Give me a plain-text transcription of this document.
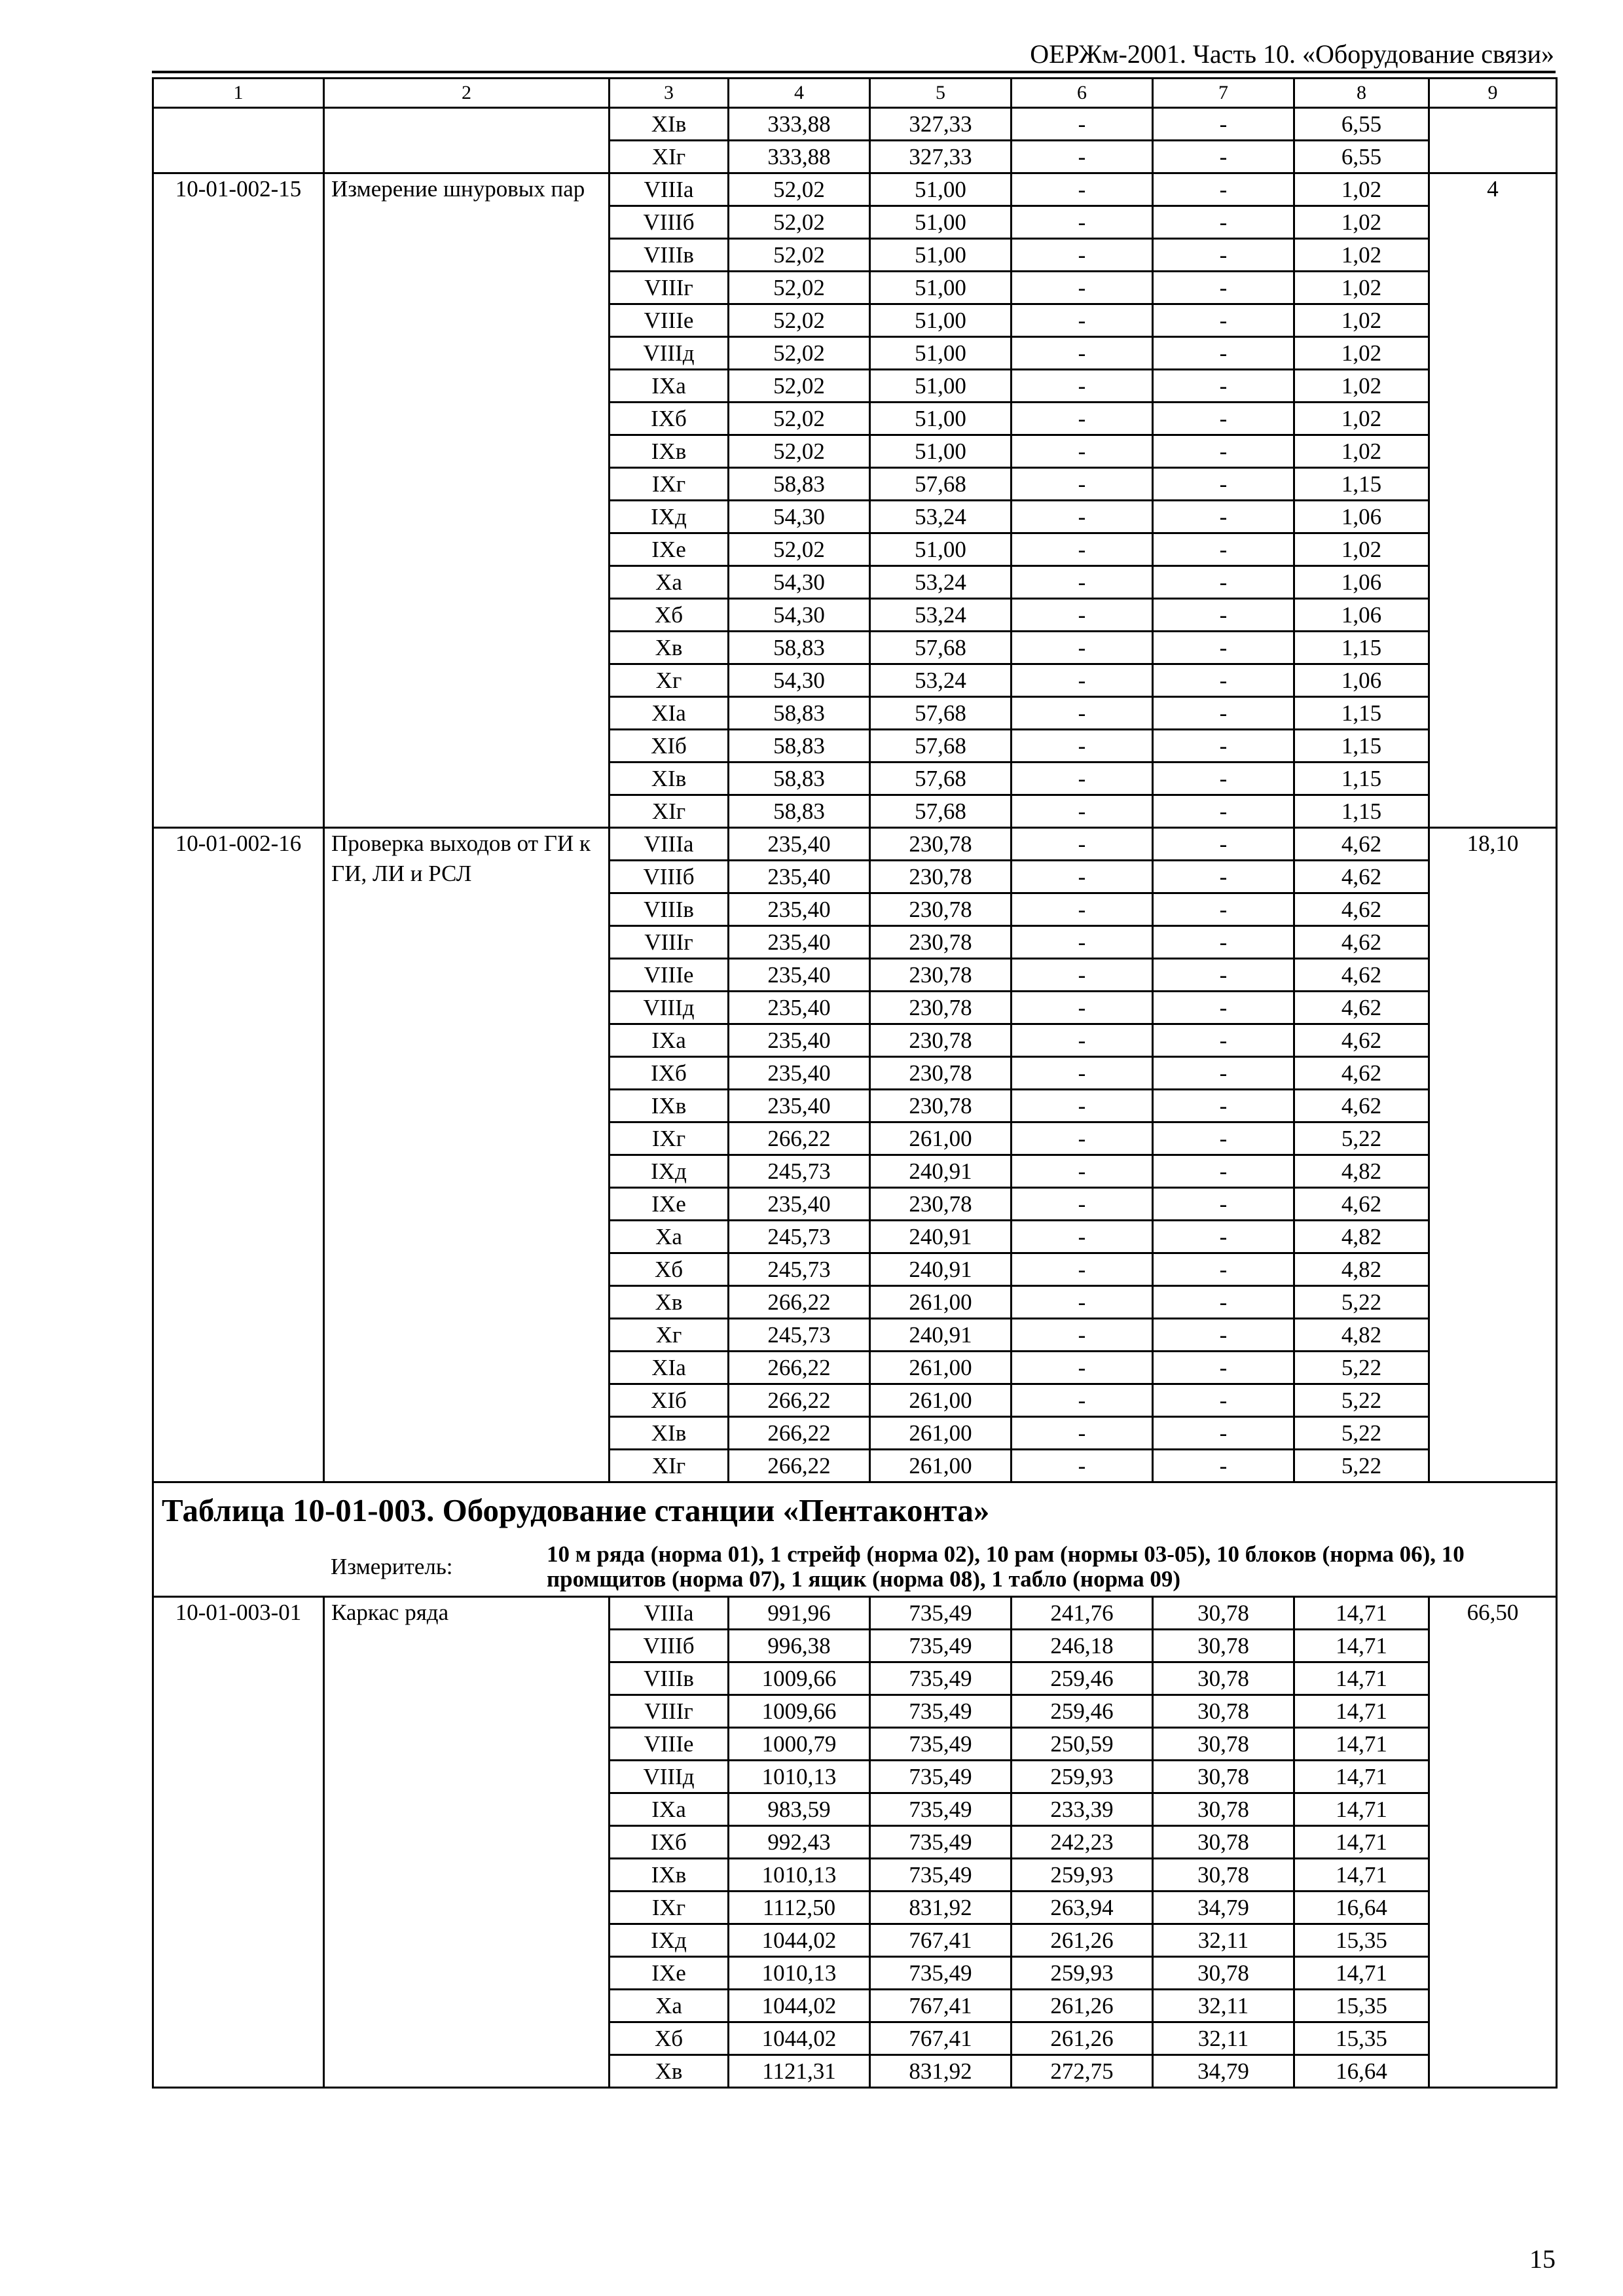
ОЕРЖм-2001. Часть 10. «Оборудование связи»
1	2	3	4	5	6	7	8	9
		XIв	333,88	327,33	-	-	6,55	
		XIг	333,88	327,33	-	-	6,55	
10-01-002-15	Измерение шнуровых пар	VIIIа	52,02	51,00	-	-	1,02	4
		VIIIб	52,02	51,00	-	-	1,02	
		VIIIв	52,02	51,00	-	-	1,02	
		VIIIг	52,02	51,00	-	-	1,02	
		VIIIе	52,02	51,00	-	-	1,02	
		VIIIд	52,02	51,00	-	-	1,02	
		IXа	52,02	51,00	-	-	1,02	
		IXб	52,02	51,00	-	-	1,02	
		IXв	52,02	51,00	-	-	1,02	
		IXг	58,83	57,68	-	-	1,15	
		IXд	54,30	53,24	-	-	1,06	
		IXе	52,02	51,00	-	-	1,02	
		Xа	54,30	53,24	-	-	1,06	
		Xб	54,30	53,24	-	-	1,06	
		Xв	58,83	57,68	-	-	1,15	
		Xг	54,30	53,24	-	-	1,06	
		XIа	58,83	57,68	-	-	1,15	
		XIб	58,83	57,68	-	-	1,15	
		XIв	58,83	57,68	-	-	1,15	
		XIг	58,83	57,68	-	-	1,15	
10-01-002-16	Проверка выходов от ГИ к ГИ, ЛИ и РСЛ	VIIIа	235,40	230,78	-	-	4,62	18,10
		VIIIб	235,40	230,78	-	-	4,62	
		VIIIв	235,40	230,78	-	-	4,62	
		VIIIг	235,40	230,78	-	-	4,62	
		VIIIе	235,40	230,78	-	-	4,62	
		VIIIд	235,40	230,78	-	-	4,62	
		IXа	235,40	230,78	-	-	4,62	
		IXб	235,40	230,78	-	-	4,62	
		IXв	235,40	230,78	-	-	4,62	
		IXг	266,22	261,00	-	-	5,22	
		IXд	245,73	240,91	-	-	4,82	
		IXе	235,40	230,78	-	-	4,62	
		Xа	245,73	240,91	-	-	4,82	
		Xб	245,73	240,91	-	-	4,82	
		Xв	266,22	261,00	-	-	5,22	
		Xг	245,73	240,91	-	-	4,82	
		XIа	266,22	261,00	-	-	5,22	
		XIб	266,22	261,00	-	-	5,22	
		XIв	266,22	261,00	-	-	5,22	
		XIг	266,22	261,00	-	-	5,22	
Таблица 10-01-003. Оборудование станции «Пентаконта»								

Измеритель: 10 м ряда (норма 01), 1 стрейф (норма 02), 10 рам (нормы 03-05), 10 блоков (норма 06), 10 промщитов (норма 07), 1 ящик (норма 08), 1 табло (норма 09)								

10-01-003-01	Каркас ряда	VIIIа	991,96	735,49	241,76	30,78	14,71	66,50
		VIIIб	996,38	735,49	246,18	30,78	14,71	
		VIIIв	1009,66	735,49	259,46	30,78	14,71	
		VIIIг	1009,66	735,49	259,46	30,78	14,71	
		VIIIе	1000,79	735,49	250,59	30,78	14,71	
		VIIIд	1010,13	735,49	259,93	30,78	14,71	
		IXа	983,59	735,49	233,39	30,78	14,71	
		IXб	992,43	735,49	242,23	30,78	14,71	
		IXв	1010,13	735,49	259,93	30,78	14,71	
		IXг	1112,50	831,92	263,94	34,79	16,64	
		IXд	1044,02	767,41	261,26	32,11	15,35	
		IXе	1010,13	735,49	259,93	30,78	14,71	
		Xа	1044,02	767,41	261,26	32,11	15,35	
		Xб	1044,02	767,41	261,26	32,11	15,35	
		Xв	1121,31	831,92	272,75	34,79	16,64	
15
